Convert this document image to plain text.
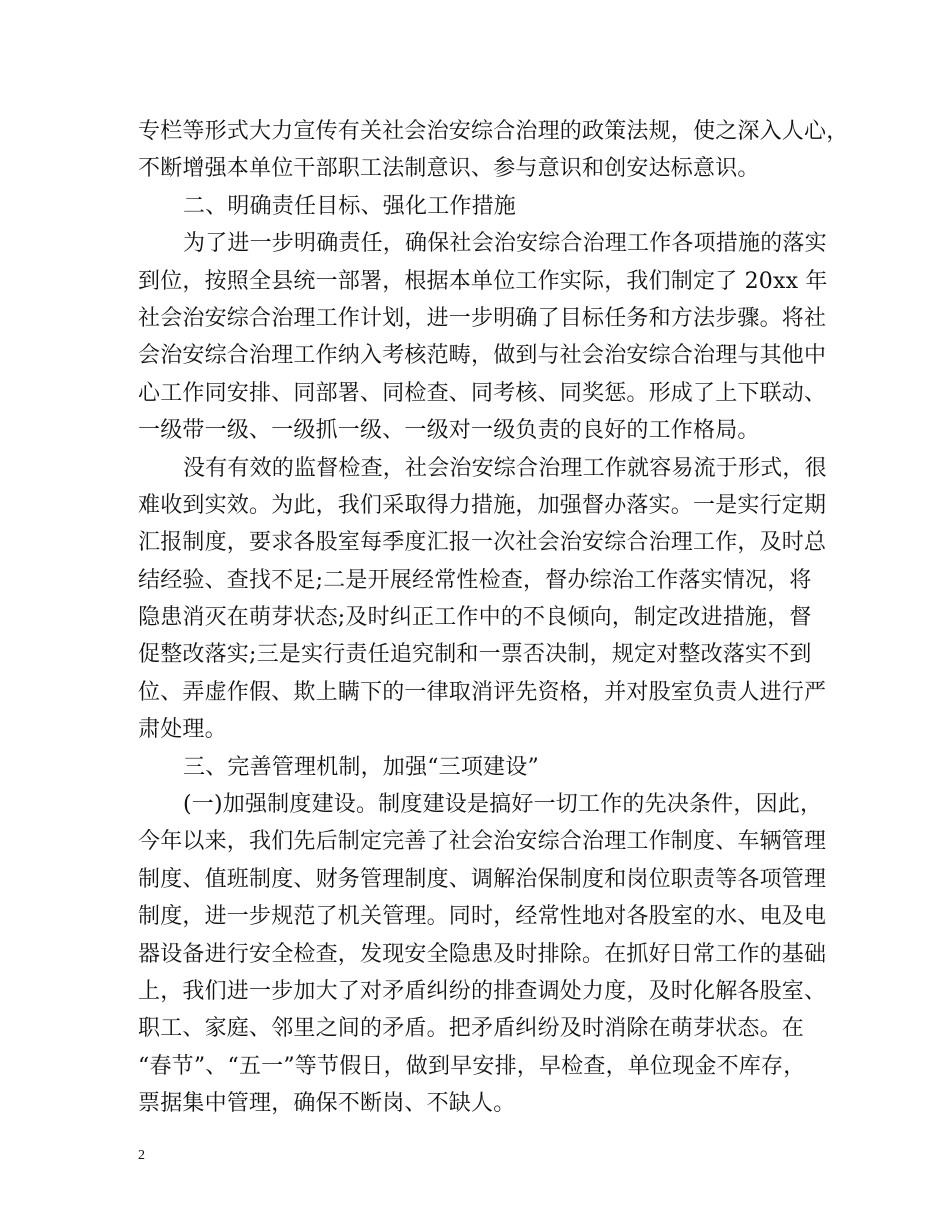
专栏等形式大力宣传有关社会治安综合治理的政策法规，使之深入人心，
不断增强本单位干部职工法制意识、参与意识和创安达标意识。
二、明确责任目标、强化工作措施
为了进一步明确责任，确保社会治安综合治理工作各项措施的落实
到位，按照全县统一部署，根据本单位工作实际，我们制定了 20xx 年
社会治安综合治理工作计划，进一步明确了目标任务和方法步骤。将社
会治安综合治理工作纳入考核范畴，做到与社会治安综合治理与其他中
心工作同安排、同部署、同检查、同考核、同奖惩。形成了上下联动、
一级带一级、一级抓一级、一级对一级负责的良好的工作格局。
没有有效的监督检查，社会治安综合治理工作就容易流于形式，很
难收到实效。为此，我们采取得力措施，加强督办落实。一是实行定期
汇报制度，要求各股室每季度汇报一次社会治安综合治理工作，及时总
结经验、查找不足;二是开展经常性检查，督办综治工作落实情况，将
隐患消灭在萌芽状态;及时纠正工作中的不良倾向，制定改进措施，督
促整改落实;三是实行责任追究制和一票否决制，规定对整改落实不到
位、弄虚作假、欺上瞒下的一律取消评先资格，并对股室负责人进行严
肃处理。
三、完善管理机制，加强“三项建设”
(一)加强制度建设。制度建设是搞好一切工作的先决条件，因此，
今年以来，我们先后制定完善了社会治安综合治理工作制度、车辆管理
制度、值班制度、财务管理制度、调解治保制度和岗位职责等各项管理
制度，进一步规范了机关管理。同时，经常性地对各股室的水、电及电
器设备进行安全检查，发现安全隐患及时排除。在抓好日常工作的基础
上，我们进一步加大了对矛盾纠纷的排查调处力度，及时化解各股室、
职工、家庭、邻里之间的矛盾。把矛盾纠纷及时消除在萌芽状态。在
“春节”、“五一”等节假日，做到早安排，早检查，单位现金不库存，
票据集中管理，确保不断岗、不缺人。
2
